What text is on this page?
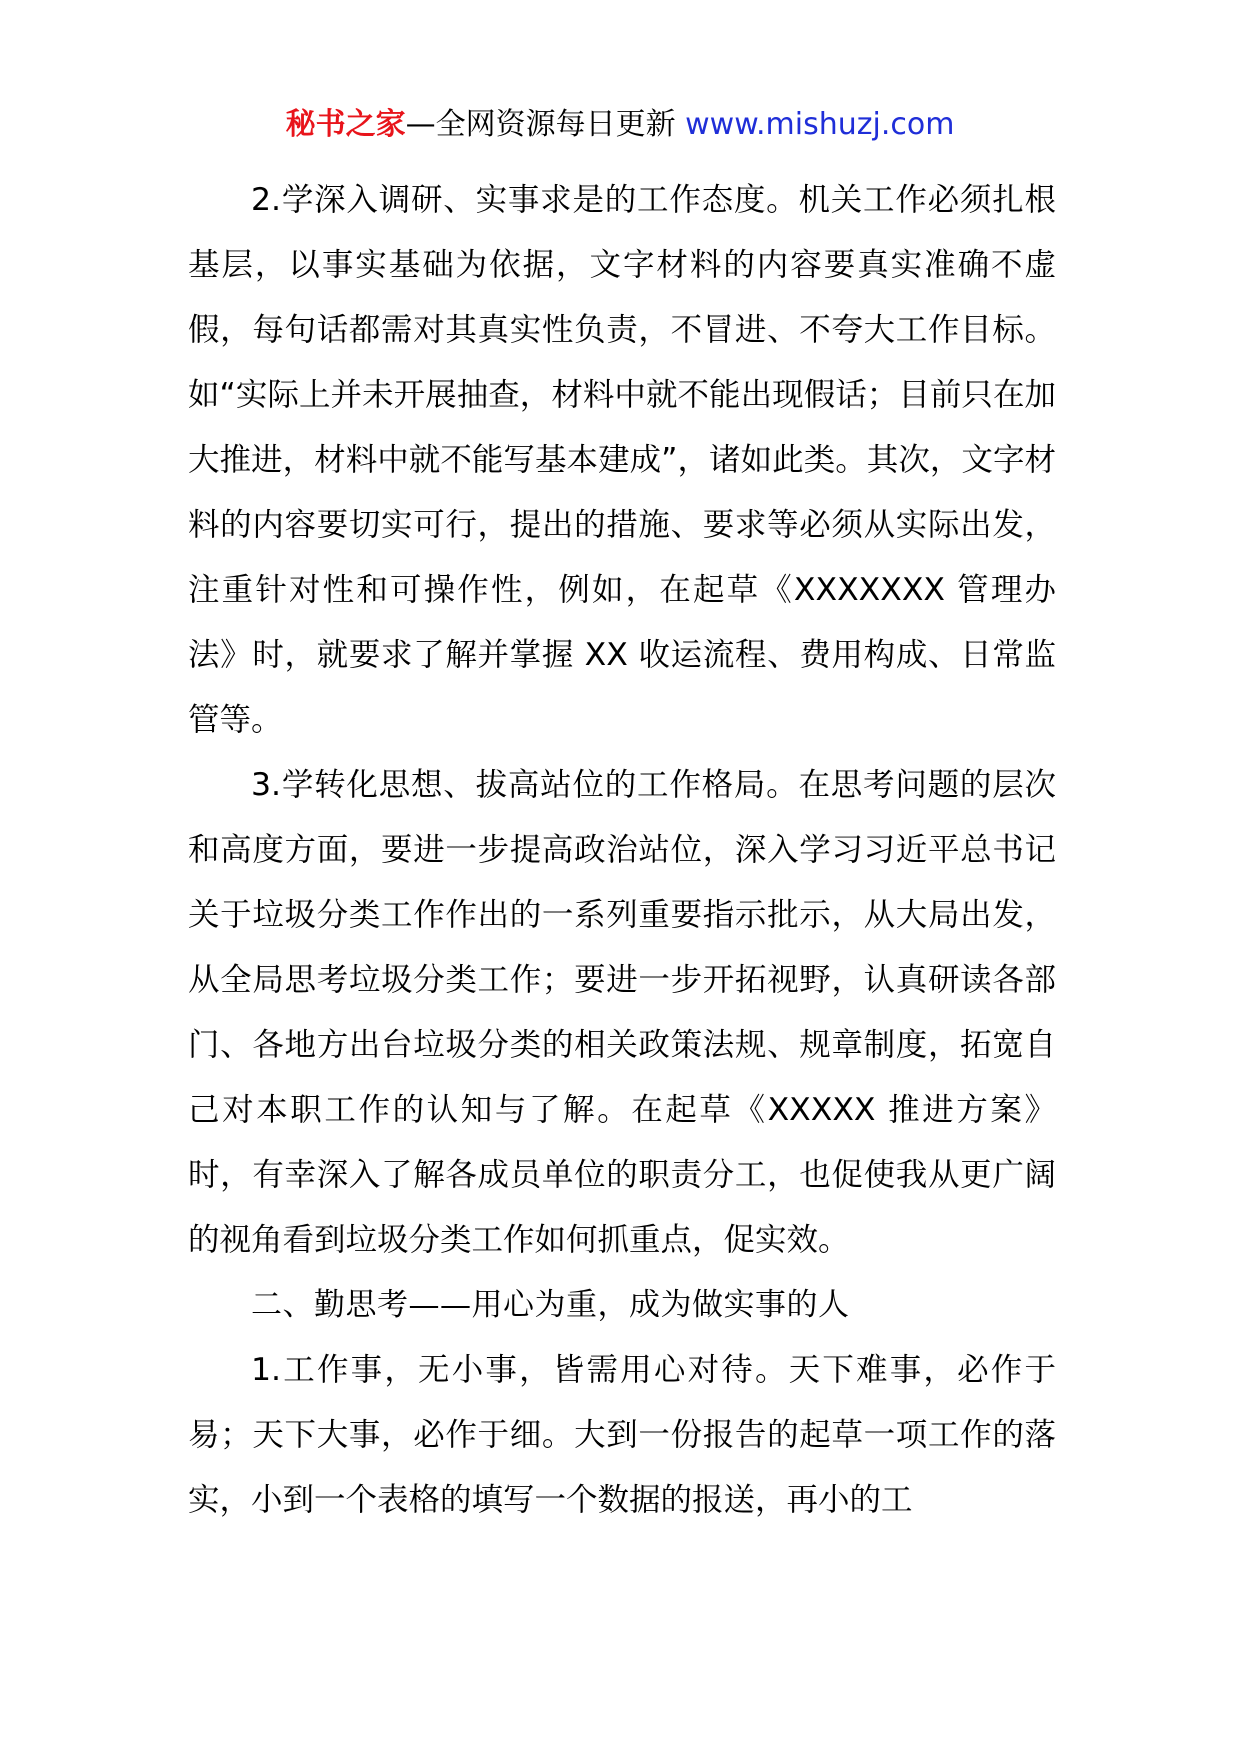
秘书之家—全网资源每日更新 www.mishuzj.com

2.学深入调研、实事求是的工作态度。机关工作必须扎根基层，以事实基础为依据，文字材料的内容要真实准确不虚假，每句话都需对其真实性负责，不冒进、不夸大工作目标。如“实际上并未开展抽查，材料中就不能出现假话；目前只在加大推进，材料中就不能写基本建成”，诸如此类。其次，文字材料的内容要切实可行，提出的措施、要求等必须从实际出发，注重针对性和可操作性，例如，在起草《XXXXXXX 管理办法》时，就要求了解并掌握 XX 收运流程、费用构成、日常监管等。

3.学转化思想、拔高站位的工作格局。在思考问题的层次和高度方面，要进一步提高政治站位，深入学习习近平总书记关于垃圾分类工作作出的一系列重要指示批示，从大局出发，从全局思考垃圾分类工作；要进一步开拓视野，认真研读各部门、各地方出台垃圾分类的相关政策法规、规章制度，拓宽自己对本职工作的认知与了解。在起草《XXXXX 推进方案》时，有幸深入了解各成员单位的职责分工，也促使我从更广阔的视角看到垃圾分类工作如何抓重点，促实效。

二、勤思考——用心为重，成为做实事的人

1.工作事，无小事，皆需用心对待。天下难事，必作于易；天下大事，必作于细。大到一份报告的起草一项工作的落实，小到一个表格的填写一个数据的报送，再小的工
